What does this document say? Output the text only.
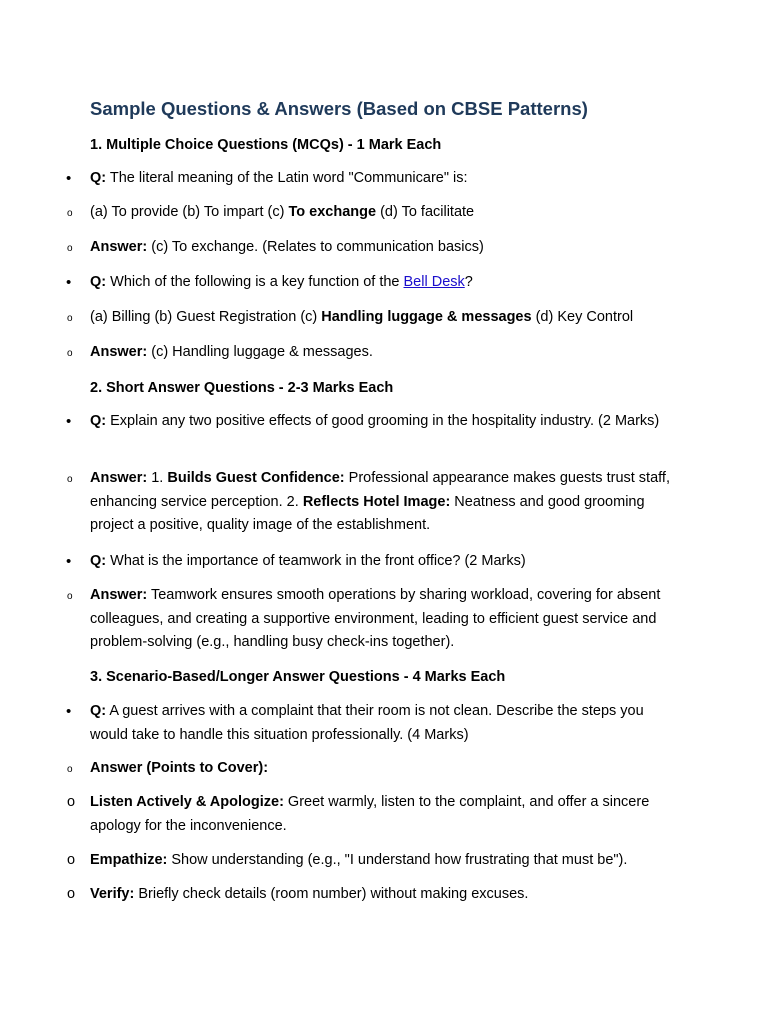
Sample Questions & Answers (Based on CBSE Patterns)
1. Multiple Choice Questions (MCQs) - 1 Mark Each
•	Q: The literal meaning of the Latin word "Communicare" is:
o	(a) To provide (b) To impart (c) To exchange (d) To facilitate
o	Answer: (c) To exchange. (Relates to communication basics)
•	Q: Which of the following is a key function of the Bell Desk?
o	(a) Billing (b) Guest Registration (c) Handling luggage & messages (d) Key Control
o	Answer: (c) Handling luggage & messages.
2. Short Answer Questions - 2-3 Marks Each
•	Q: Explain any two positive effects of good grooming in the hospitality industry. (2 Marks)
o	Answer: 1. Builds Guest Confidence: Professional appearance makes guests trust staff, enhancing service perception. 2. Reflects Hotel Image: Neatness and good grooming project a positive, quality image of the establishment.
•	Q: What is the importance of teamwork in the front office? (2 Marks)
o	Answer: Teamwork ensures smooth operations by sharing workload, covering for absent colleagues, and creating a supportive environment, leading to efficient guest service and problem-solving (e.g., handling busy check-ins together).
3. Scenario-Based/Longer Answer Questions - 4 Marks Each
•	Q: A guest arrives with a complaint that their room is not clean. Describe the steps you would take to handle this situation professionally. (4 Marks)
o	Answer (Points to Cover):
o	Listen Actively & Apologize: Greet warmly, listen to the complaint, and offer a sincere apology for the inconvenience.
o	Empathize: Show understanding (e.g., "I understand how frustrating that must be").
o	Verify: Briefly check details (room number) without making excuses.
